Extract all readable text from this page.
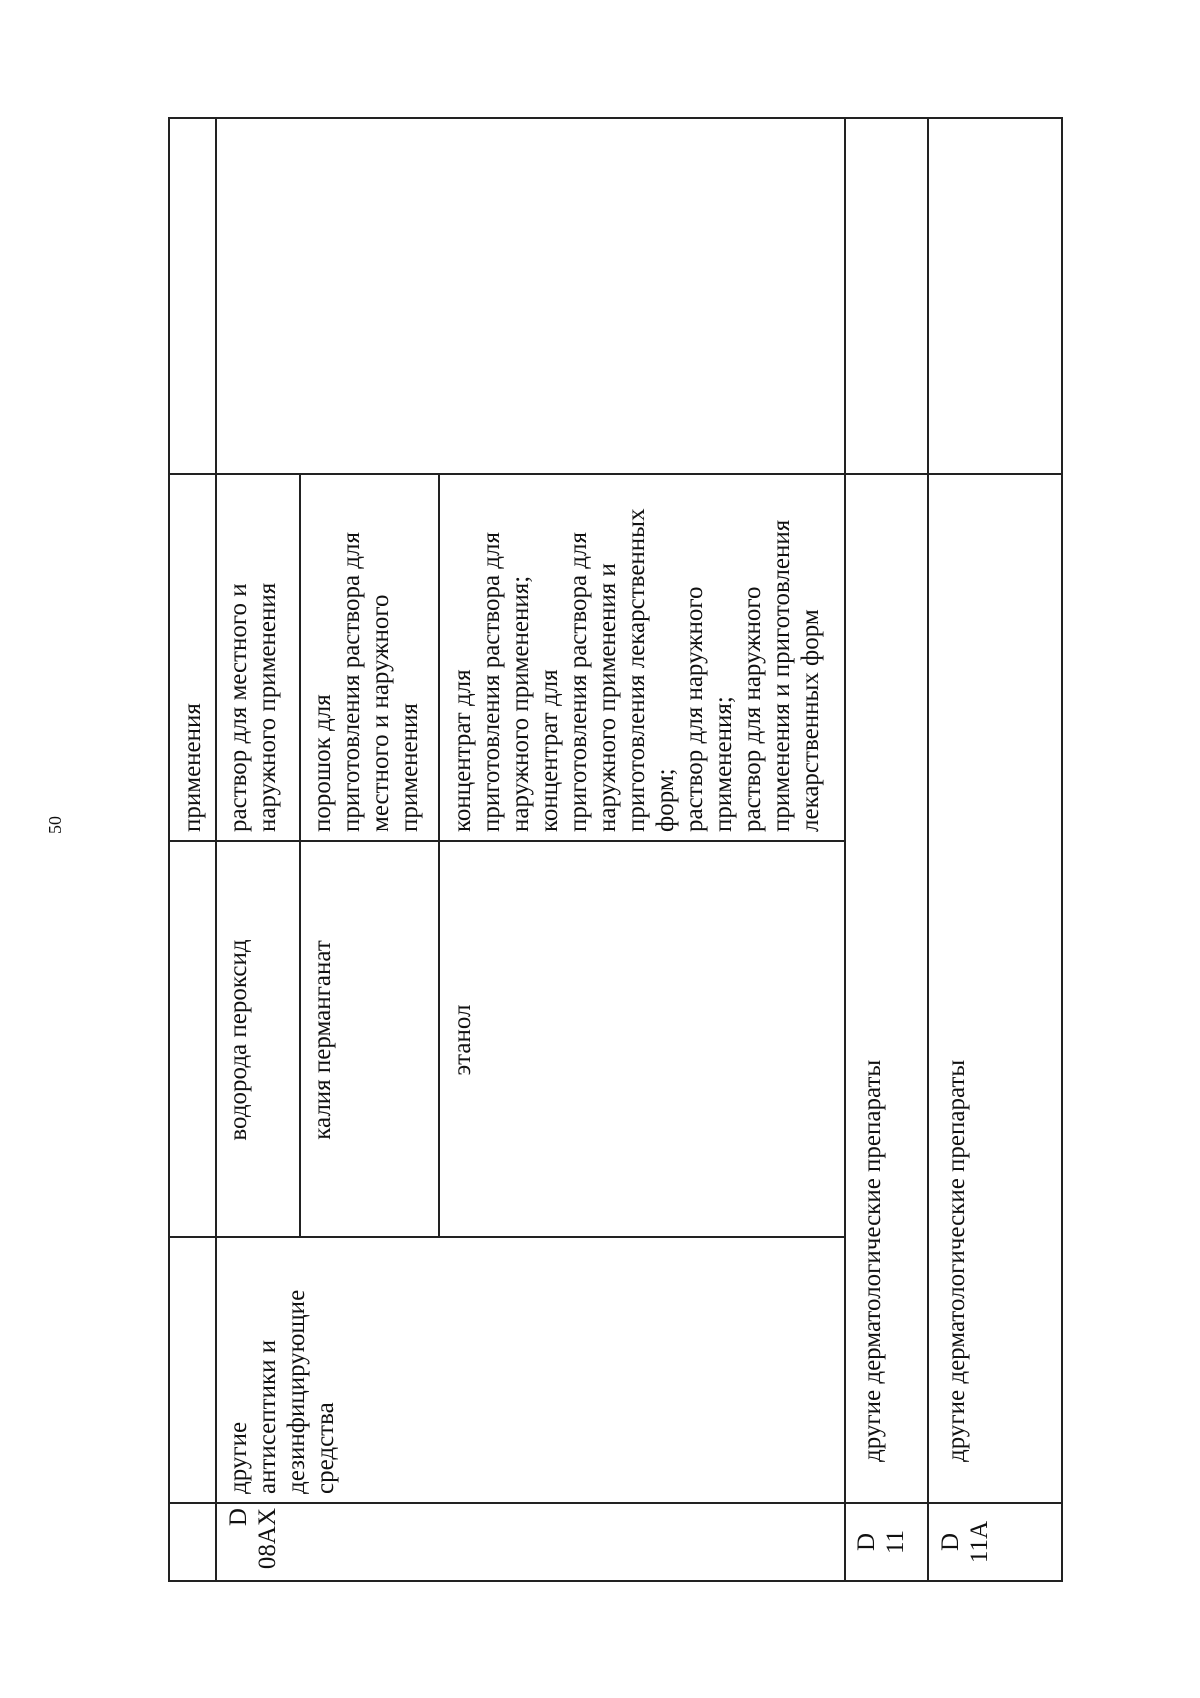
50	применения
D
08AX
другие
антисептики и
дезинфицирующие
средства
водорода пероксид
раствор для местного и
наружного применения
калия перманганат
порошок для
приготовления раствора для
местного и наружного
применения
этанол
концентрат для
приготовления раствора для
наружного применения;
концентрат для
приготовления раствора для
наружного применения и
приготовления лекарственных
форм;
раствор для наружного
применения;
раствор для наружного
применения и приготовления
лекарственных форм
D
11
другие дерматологические препараты
D
11A
другие дерматологические препараты
